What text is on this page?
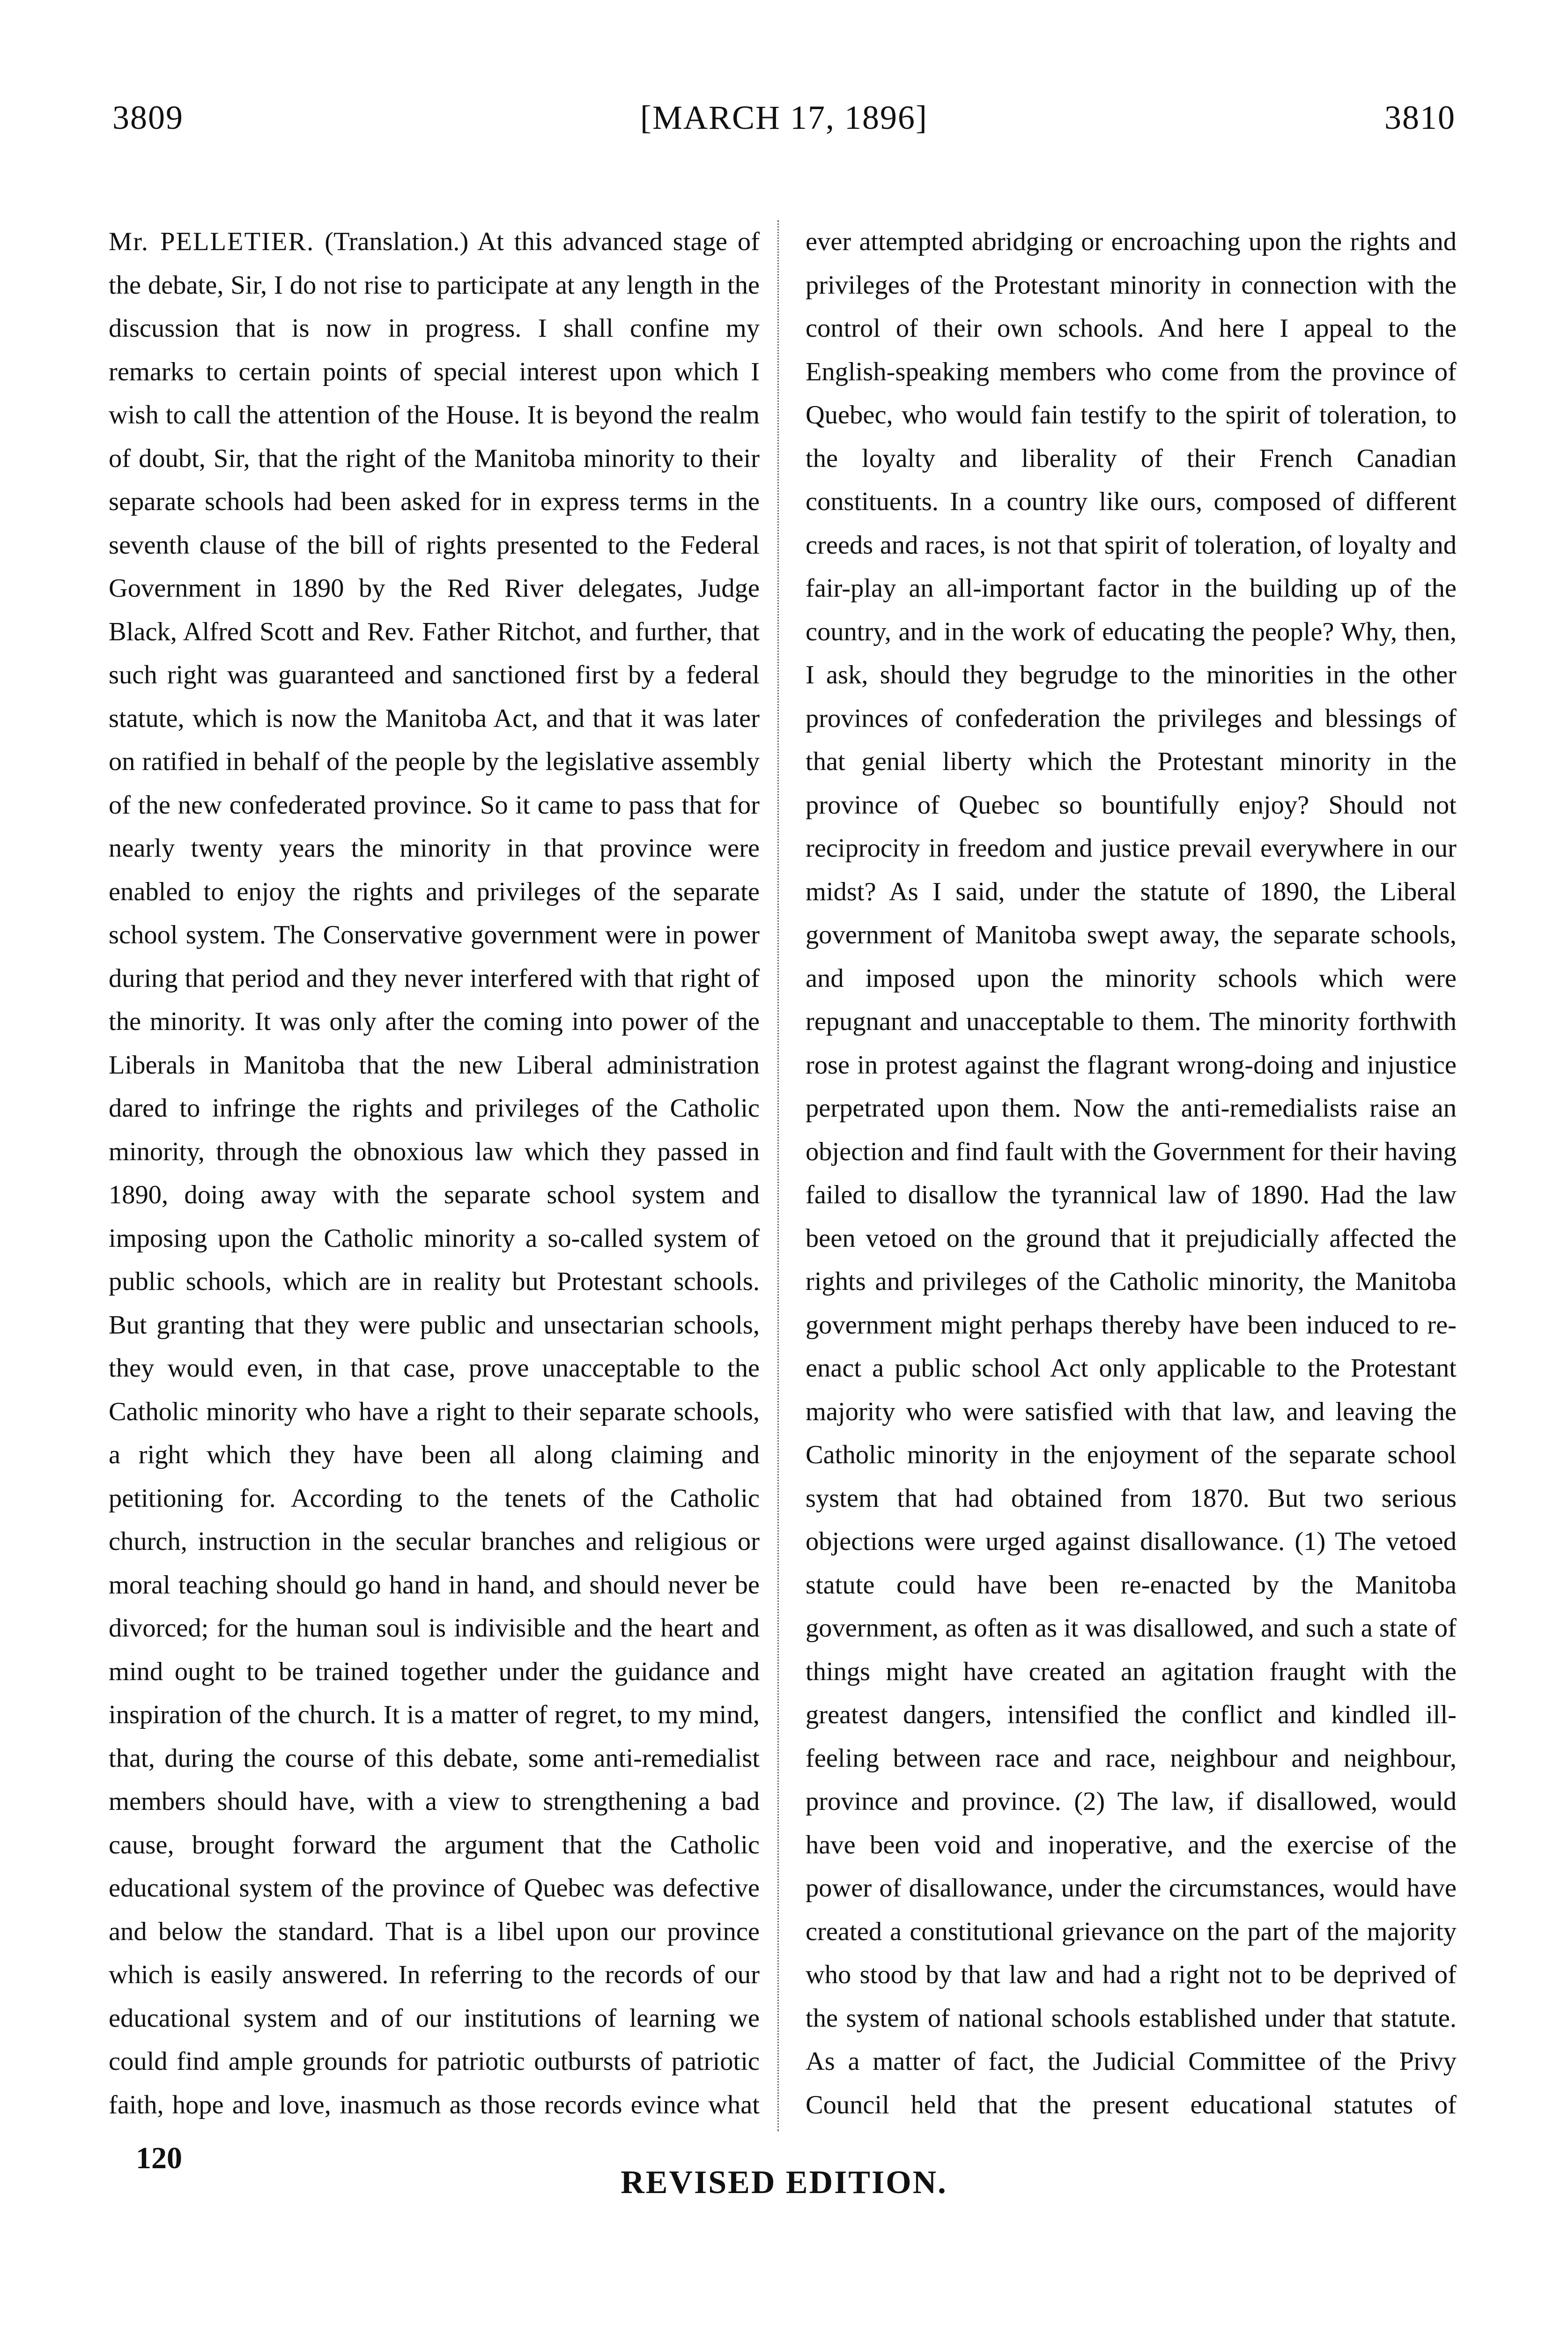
3809	[MARCH 17, 1896]	3810

Mr. PELLETIER. (Translation.) At this advanced stage of the debate, Sir, I do not rise to participate at any length in the discussion that is now in progress. I shall confine my remarks to certain points of special interest upon which I wish to call the attention of the House. It is beyond the realm of doubt, Sir, that the right of the Manitoba minority to their separate schools had been asked for in express terms in the seventh clause of the bill of rights presented to the Federal Government in 1890 by the Red River delegates, Judge Black, Alfred Scott and Rev. Father Ritchot, and further, that such right was guaranteed and sanctioned first by a federal statute, which is now the Manitoba Act, and that it was later on ratified in behalf of the people by the legislative assembly of the new confederated province. So it came to pass that for nearly twenty years the minority in that province were enabled to enjoy the rights and privileges of the separate school system. The Conservative government were in power during that period and they never interfered with that right of the minority. It was only after the coming into power of the Liberals in Manitoba that the new Liberal administration dared to infringe the rights and privileges of the Catholic minority, through the obnoxious law which they passed in 1890, doing away with the separate school system and imposing upon the Catholic minority a so-called system of public schools, which are in reality but Protestant schools. But granting that they were public and unsectarian schools, they would even, in that case, prove unacceptable to the Catholic minority who have a right to their separate schools, a right which they have been all along claiming and petitioning for. According to the tenets of the Catholic church, instruction in the secular branches and religious or moral teaching should go hand in hand, and should never be divorced; for the human soul is indivisible and the heart and mind ought to be trained together under the guidance and inspiration of the church. It is a matter of regret, to my mind, that, during the course of this debate, some anti-remedialist members should have, with a view to strengthening a bad cause, brought forward the argument that the Catholic educational system of the province of Quebec was defective and below the standard. That is a libel upon our province which is easily answered. In referring to the records of our educational system and of our institutions of learning we could find ample grounds for patriotic outbursts of patriotic faith, hope and love, inasmuch as those records evince what

ever attempted abridging or encroaching upon the rights and privileges of the Protestant minority in connection with the control of their own schools. And here I appeal to the English-speaking members who come from the province of Quebec, who would fain testify to the spirit of toleration, to the loyalty and liberality of their French Canadian constituents. In a country like ours, composed of different creeds and races, is not that spirit of toleration, of loyalty and fair-play an all-important factor in the building up of the country, and in the work of educating the people? Why, then, I ask, should they begrudge to the minorities in the other provinces of confederation the privileges and blessings of that genial liberty which the Protestant minority in the province of Quebec so bountifully enjoy? Should not reciprocity in freedom and justice prevail everywhere in our midst? As I said, under the statute of 1890, the Liberal government of Manitoba swept away, the separate schools, and imposed upon the minority schools which were repugnant and unacceptable to them. The minority forthwith rose in protest against the flagrant wrong-doing and injustice perpetrated upon them. Now the anti-remedialists raise an objection and find fault with the Government for their having failed to disallow the tyrannical law of 1890. Had the law been vetoed on the ground that it prejudicially affected the rights and privileges of the Catholic minority, the Manitoba government might perhaps thereby have been induced to re-enact a public school Act only applicable to the Protestant majority who were satisfied with that law, and leaving the Catholic minority in the enjoyment of the separate school system that had obtained from 1870. But two serious objections were urged against disallowance. (1) The vetoed statute could have been re-enacted by the Manitoba government, as often as it was disallowed, and such a state of things might have created an agitation fraught with the greatest dangers, intensified the conflict and kindled ill-feeling between race and race, neighbour and neighbour, province and province. (2) The law, if disallowed, would have been void and inoperative, and the exercise of the power of disallowance, under the circumstances, would have created a constitutional grievance on the part of the majority who stood by that law and had a right not to be deprived of the system of national schools established under that statute. As a matter of fact, the Judicial Committee of the Privy Council held that the present educational statutes of

120
REVISED EDITION.
